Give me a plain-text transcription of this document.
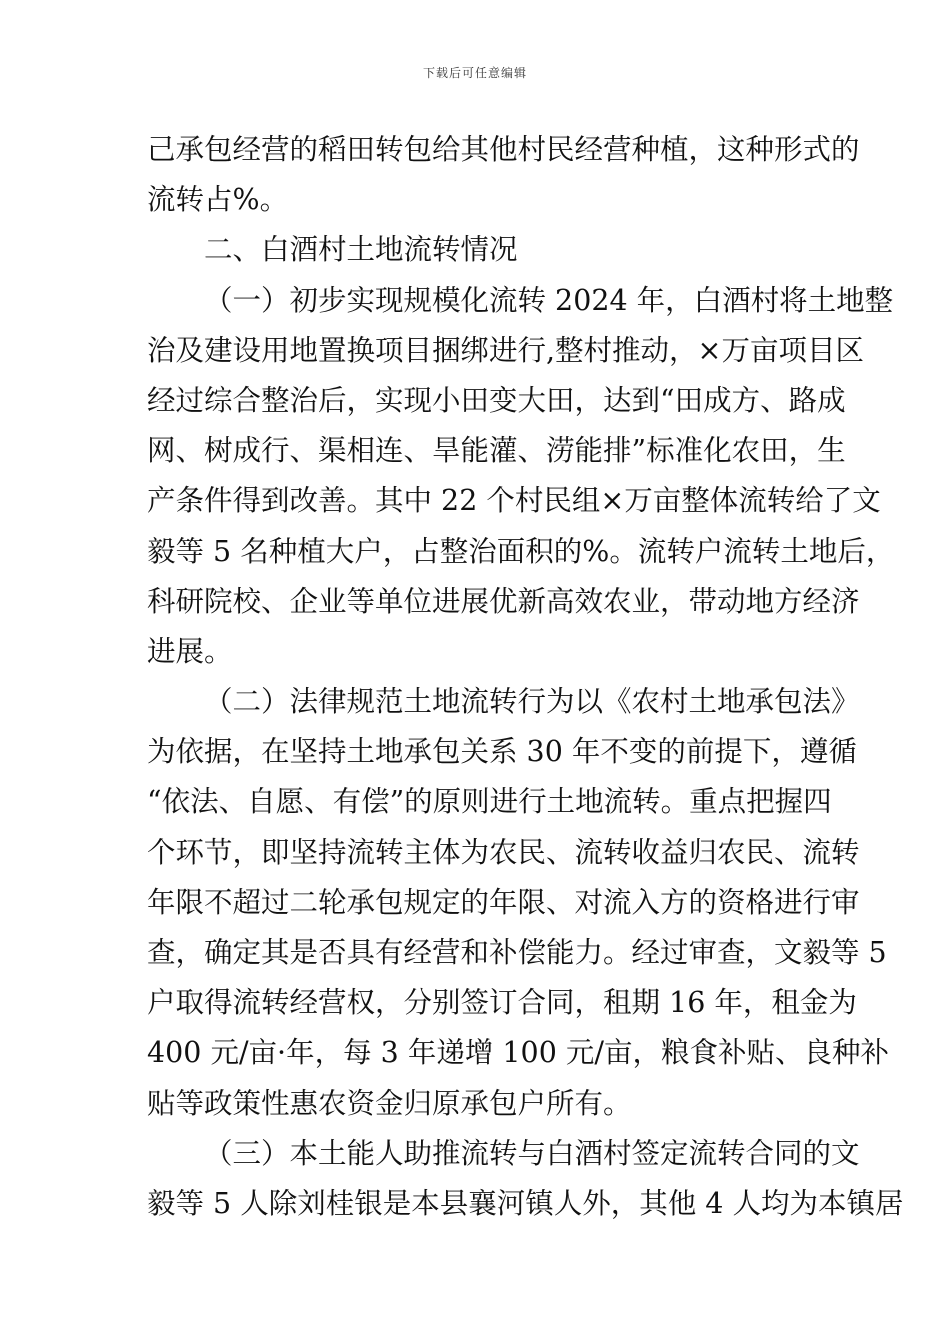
下载后可任意编辑
己承包经营的稻田转包给其他村民经营种植，这种形式的
流转占%。
二、白酒村土地流转情况
（一）初步实现规模化流转 2024 年，白酒村将土地整
治及建设用地置换项目捆绑进行,整村推动，×万亩项目区
经过综合整治后，实现小田变大田，达到“田成方、路成
网、树成行、渠相连、旱能灌、涝能排”标准化农田，生
产条件得到改善。其中 22 个村民组×万亩整体流转给了文
毅等 5 名种植大户，占整治面积的%。流转户流转土地后，
科研院校、企业等单位进展优新高效农业，带动地方经济
进展。
（二）法律规范土地流转行为以《农村土地承包法》
为依据，在坚持土地承包关系 30 年不变的前提下，遵循
“依法、自愿、有偿”的原则进行土地流转。重点把握四
个环节，即坚持流转主体为农民、流转收益归农民、流转
年限不超过二轮承包规定的年限、对流入方的资格进行审
查，确定其是否具有经营和补偿能力。经过审查，文毅等 5
户取得流转经营权，分别签订合同，租期 16 年，租金为
400 元/亩·年，每 3 年递增 100 元/亩，粮食补贴、良种补
贴等政策性惠农资金归原承包户所有。
（三）本土能人助推流转与白酒村签定流转合同的文
毅等 5 人除刘桂银是本县襄河镇人外，其他 4 人均为本镇居
